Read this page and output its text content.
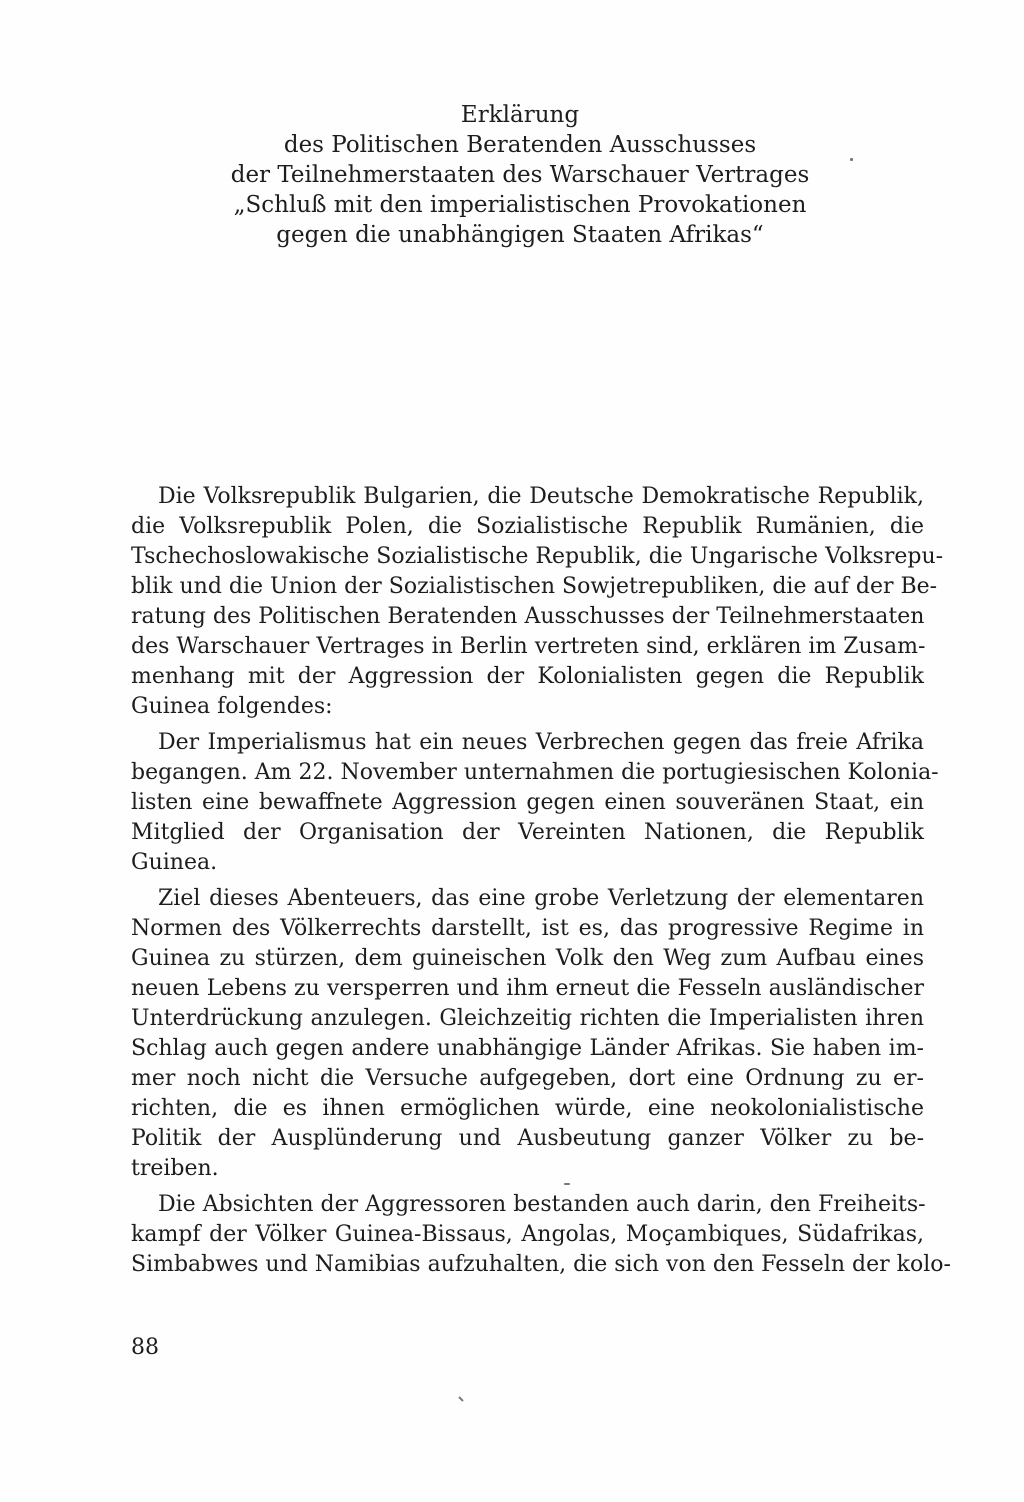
Erklärung
des Politischen Beratenden Ausschusses
der Teilnehmerstaaten des Warschauer Vertrages
„Schluß mit den imperialistischen Provokationen
gegen die unabhängigen Staaten Afrikas“
Die Volksrepublik Bulgarien, die Deutsche Demokratische Republik,
die Volksrepublik Polen, die Sozialistische Republik Rumänien, die
Tschechoslowakische Sozialistische Republik, die Ungarische Volksrepu-
blik und die Union der Sozialistischen Sowjetrepubliken, die auf der Be-
ratung des Politischen Beratenden Ausschusses der Teilnehmerstaaten
des Warschauer Vertrages in Berlin vertreten sind, erklären im Zusam-
menhang mit der Aggression der Kolonialisten gegen die Republik
Guinea folgendes:
Der Imperialismus hat ein neues Verbrechen gegen das freie Afrika
begangen. Am 22. November unternahmen die portugiesischen Kolonia-
listen eine bewaffnete Aggression gegen einen souveränen Staat, ein
Mitglied der Organisation der Vereinten Nationen, die Republik
Guinea.
Ziel dieses Abenteuers, das eine grobe Verletzung der elementaren
Normen des Völkerrechts darstellt, ist es, das progressive Regime in
Guinea zu stürzen, dem guineischen Volk den Weg zum Aufbau eines
neuen Lebens zu versperren und ihm erneut die Fesseln ausländischer
Unterdrückung anzulegen. Gleichzeitig richten die Imperialisten ihren
Schlag auch gegen andere unabhängige Länder Afrikas. Sie haben im-
mer noch nicht die Versuche aufgegeben, dort eine Ordnung zu er-
richten, die es ihnen ermöglichen würde, eine neokolonialistische
Politik der Ausplünderung und Ausbeutung ganzer Völker zu be-
treiben.
Die Absichten der Aggressoren bestanden auch darin, den Freiheits-
kampf der Völker Guinea-Bissaus, Angolas, Moçambiques, Südafrikas,
Simbabwes und Namibias aufzuhalten, die sich von den Fesseln der kolo-
88
